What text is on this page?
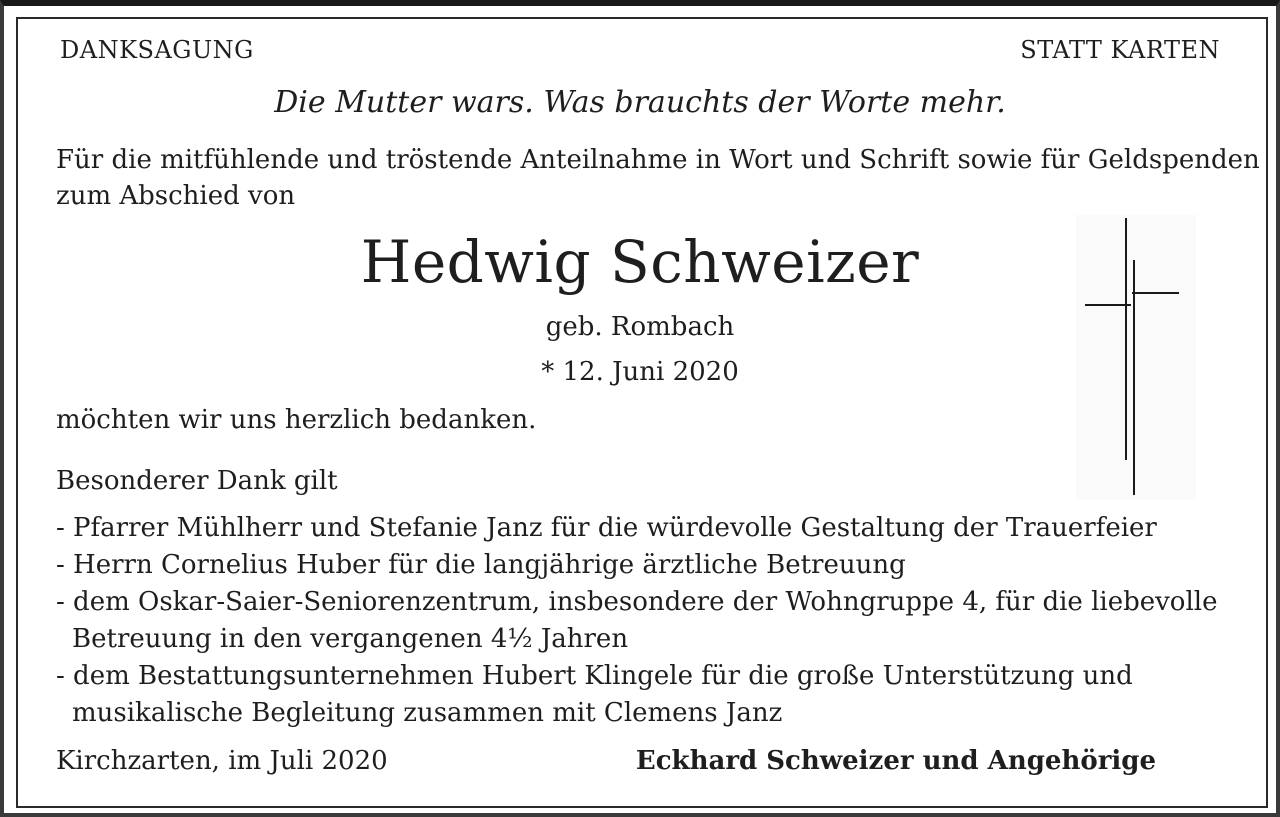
DANKSAGUNG	STATT KARTEN
Die Mutter wars. Was brauchts der Worte mehr.
Für die mitfühlende und tröstende Anteilnahme in Wort und Schrift sowie für Geldspenden
zum Abschied von
Hedwig Schweizer
geb. Rombach
* 12. Juni 2020
möchten wir uns herzlich bedanken.
Besonderer Dank gilt
- Pfarrer Mühlherr und Stefanie Janz für die würdevolle Gestaltung der Trauerfeier
- Herrn Cornelius Huber für die langjährige ärztliche Betreuung
- dem Oskar-Saier-Seniorenzentrum, insbesondere der Wohngruppe 4, für die liebevolle
Betreuung in den vergangenen 4½ Jahren
- dem Bestattungsunternehmen Hubert Klingele für die große Unterstützung und
musikalische Begleitung zusammen mit Clemens Janz
Kirchzarten, im Juli 2020	Eckhard Schweizer und Angehörige
